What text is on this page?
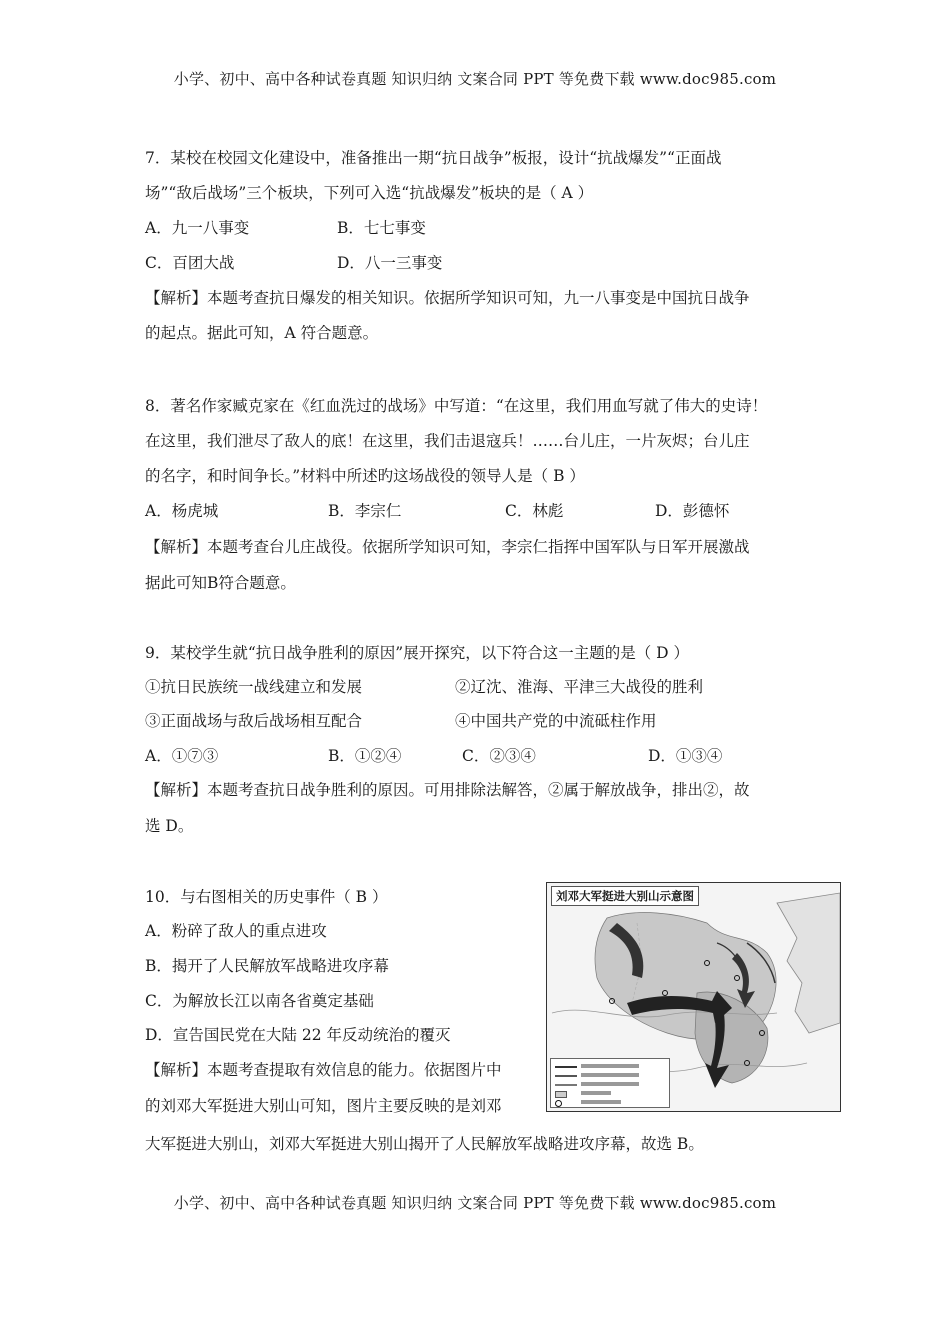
小学、初中、高中各种试卷真题 知识归纳 文案合同 PPT 等免费下载 www.doc985.com
7．某校在校园文化建设中，准备推出一期“抗日战争”板报，设计“抗战爆发”“正面战
场”“敌后战场”三个板块，下列可入选“抗战爆发”板块的是（ A ）
A．九一八事变	B．七七事变
C．百团大战	D．八一三事变
【解析】本题考查抗日爆发的相关知识。依据所学知识可知，九一八事变是中国抗日战争
的起点。据此可知，A 符合题意。
8．著名作家臧克家在《红血洗过的战场》中写道：“在这里，我们用血写就了伟大的史诗！
在这里，我们泄尽了敌人的底！在这里，我们击退寇兵！……台儿庄，一片灰烬；台儿庄
的名字，和时间争长。”材料中所述旳这场战役的领导人是（ B ）
A．杨虎城	B．李宗仁	C．林彪	D．彭德怀
【解析】本题考查台儿庄战役。依据所学知识可知，李宗仁指挥中国军队与日军开展激战
据此可知B符合题意。
9．某校学生就“抗日战争胜利的原因”展开探究，以下符合这一主题的是（ D ）
①抗日民族统一战线建立和发展	②辽沈、淮海、平津三大战役的胜利
③正面战场与敌后战场相互配合	④中国共产党的中流砥柱作用
A．①⑦③	B．①②④	C．②③④	D．①③④
【解析】本题考查抗日战争胜利的原因。可用排除法解答，②属于解放战争，排出②，故
选 D。
10．与右图相关的历史事件（ B ）
A．粉碎了敌人的重点进攻
B．揭开了人民解放军战略进攻序幕
C．为解放长江以南各省奠定基础
D．宣告国民党在大陆 22 年反动统治的覆灭
【解析】本题考查提取有效信息的能力。依据图片中
的刘邓大军挺进大别山可知，图片主要反映的是刘邓
大军挺进大别山，刘邓大军挺进大别山揭开了人民解放军战略进攻序幕，故选 B。
刘邓大军挺进大别山示意图
小学、初中、高中各种试卷真题 知识归纳 文案合同 PPT 等免费下载 www.doc985.com
